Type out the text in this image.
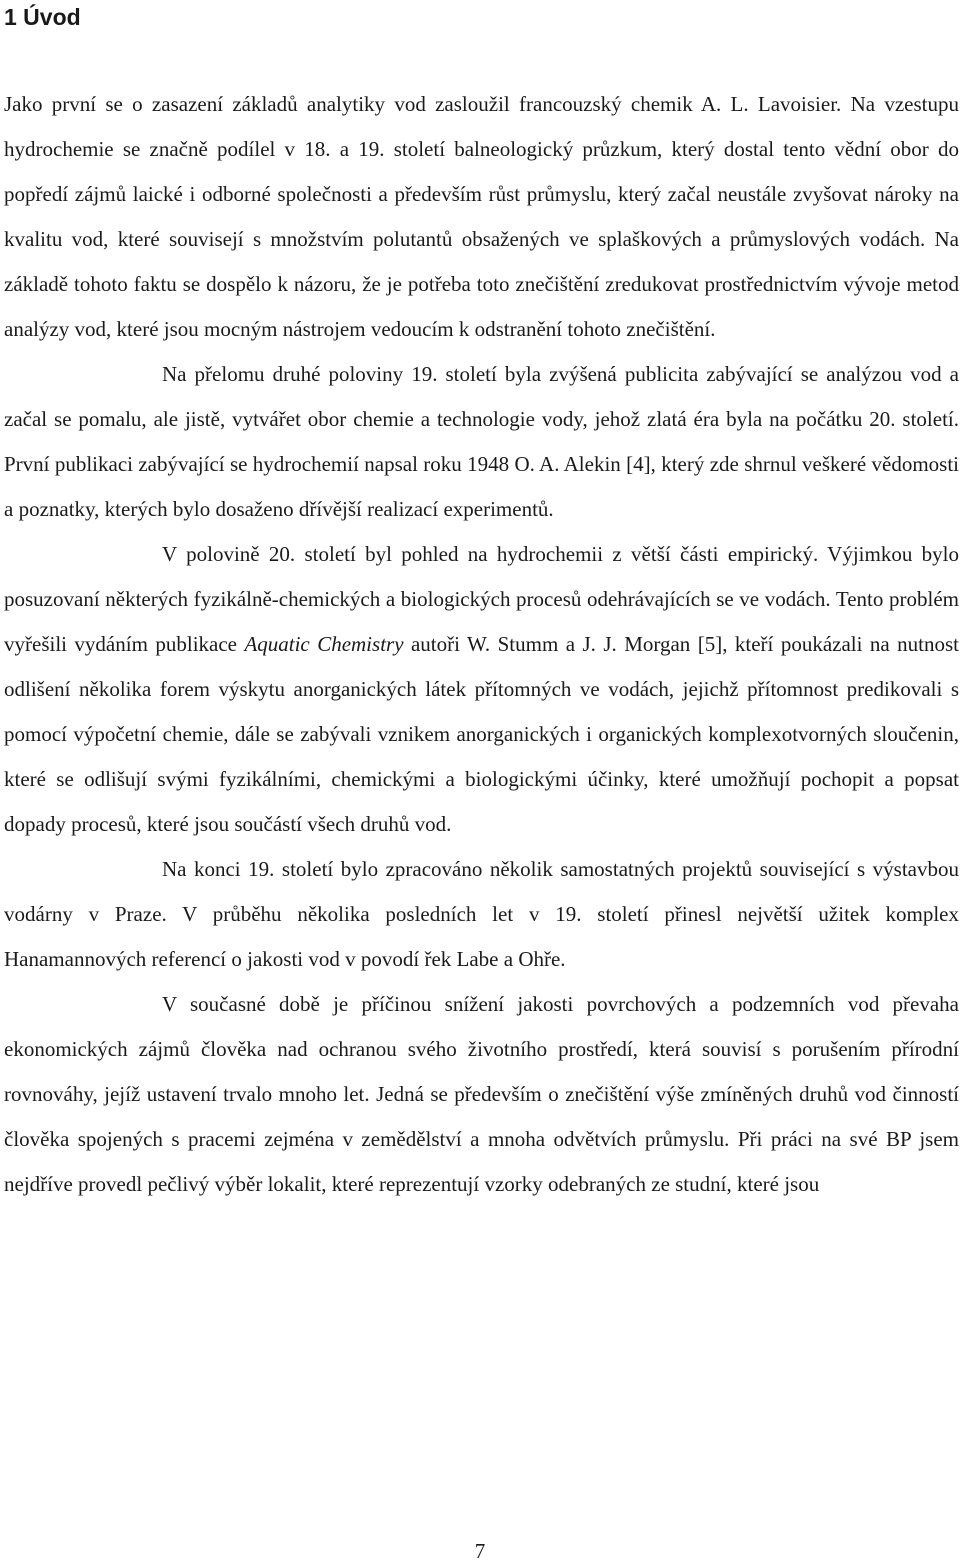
1 Úvod

Jako první se o zasazení základů analytiky vod zasloužil francouzský chemik A. L. Lavoisier. Na vzestupu hydrochemie se značně podílel v 18. a 19. století balneologický průzkum, který dostal tento vědní obor do popředí zájmů laické i odborné společnosti a především růst průmyslu, který začal neustále zvyšovat nároky na kvalitu vod, které souvisejí s množstvím polutantů obsažených ve splaškových a průmyslových vodách. Na základě tohoto faktu se dospělo k názoru, že je potřeba toto znečištění zredukovat prostřednictvím vývoje metod analýzy vod, které jsou mocným nástrojem vedoucím k odstranění tohoto znečištění.

Na přelomu druhé poloviny 19. století byla zvýšená publicita zabývající se analýzou vod a začal se pomalu, ale jistě, vytvářet obor chemie a technologie vody, jehož zlatá éra byla na počátku 20. století. První publikaci zabývající se hydrochemií napsal roku 1948 O. A. Alekin [4], který zde shrnul veškeré vědomosti a poznatky, kterých bylo dosaženo dřívější realizací experimentů.

V polovině 20. století byl pohled na hydrochemii z větší části empirický. Výjimkou bylo posuzovaní některých fyzikálně-chemických a biologických procesů odehrávajících se ve vodách. Tento problém vyřešili vydáním publikace Aquatic Chemistry autoři W. Stumm a J. J. Morgan [5], kteří poukázali na nutnost odlišení několika forem výskytu anorganických látek přítomných ve vodách, jejichž přítomnost predikovali s pomocí výpočetní chemie, dále se zabývali vznikem anorganických i organických komplexotvorných sloučenin, které se odlišují svými fyzikálními, chemickými a biologickými účinky, které umožňují pochopit a popsat dopady procesů, které jsou součástí všech druhů vod.

Na konci 19. století bylo zpracováno několik samostatných projektů související s výstavbou vodárny v Praze. V průběhu několika posledních let v 19. století přinesl největší užitek komplex Hanamannových referencí o jakosti vod v povodí řek Labe a Ohře.

V současné době je příčinou snížení jakosti povrchových a podzemních vod převaha ekonomických zájmů člověka nad ochranou svého životního prostředí, která souvisí s porušením přírodní rovnováhy, jejíž ustavení trvalo mnoho let. Jedná se především o znečištění výše zmíněných druhů vod činností člověka spojených s pracemi zejména v zemědělství a mnoha odvětvích průmyslu. Při práci na své BP jsem nejdříve provedl pečlivý výběr lokalit, které reprezentují vzorky odebraných ze studní, které jsou

7
